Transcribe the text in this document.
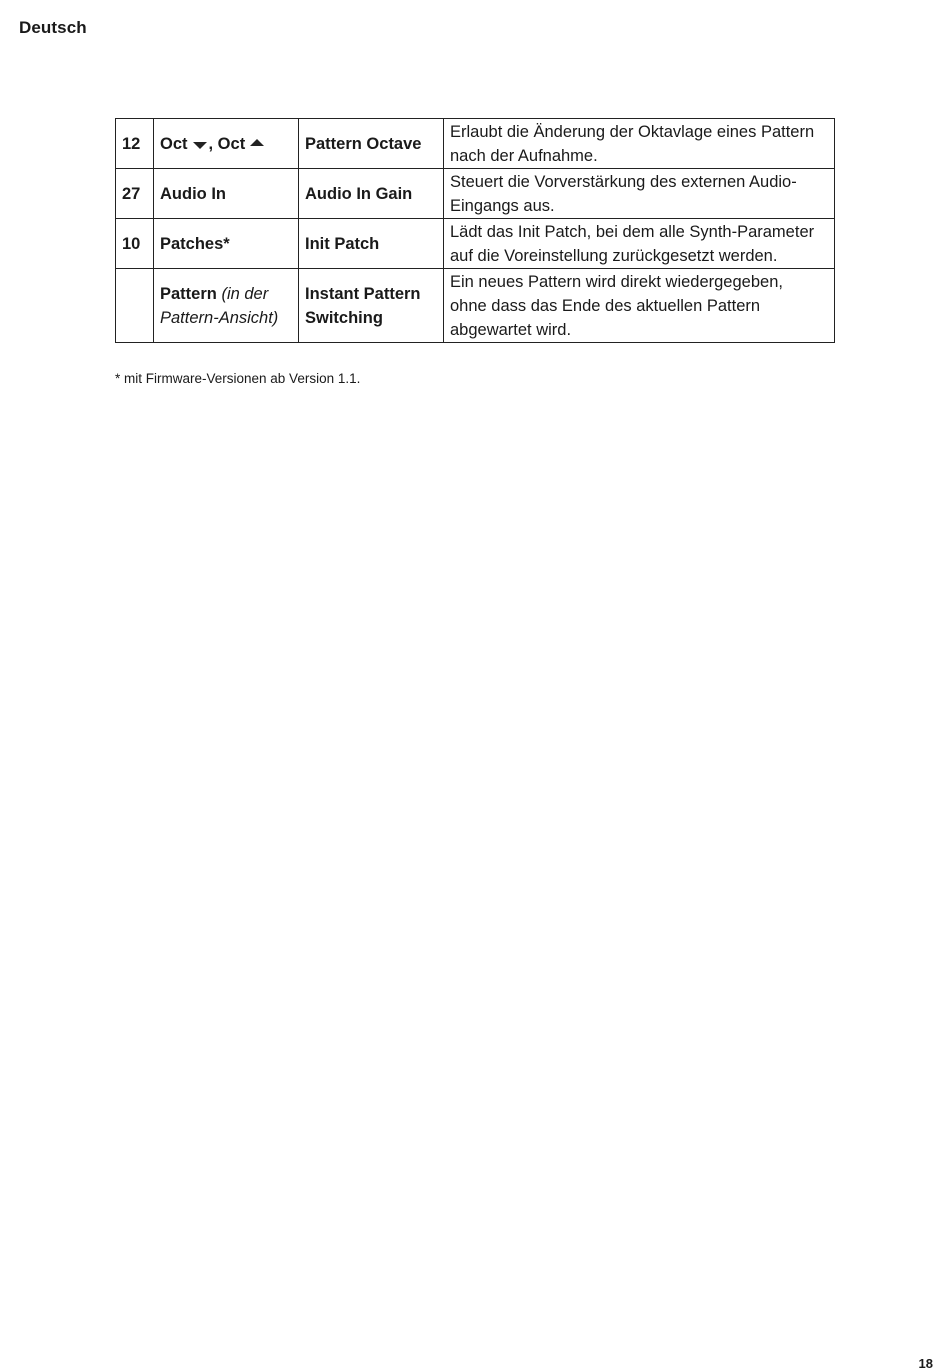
Deutsch
12	Oct , Oct	Pattern Octave	Erlaubt die Änderung der Oktavlage eines Pattern
nach der Aufnahme.
27	Audio In	Audio In Gain	Steuert die Vorverstärkung des externen Audio-
Eingangs aus.
10	Patches*	Init Patch	Lädt das Init Patch, bei dem alle Synth-Parameter
auf die Voreinstellung zurückgesetzt werden.
	Pattern (in der
Pattern-Ansicht)	Instant Pattern
Switching	Ein neues Pattern wird direkt wiedergegeben,
ohne dass das Ende des aktuellen Pattern
abgewartet wird.
* mit Firmware-Versionen ab Version 1.1.
18
